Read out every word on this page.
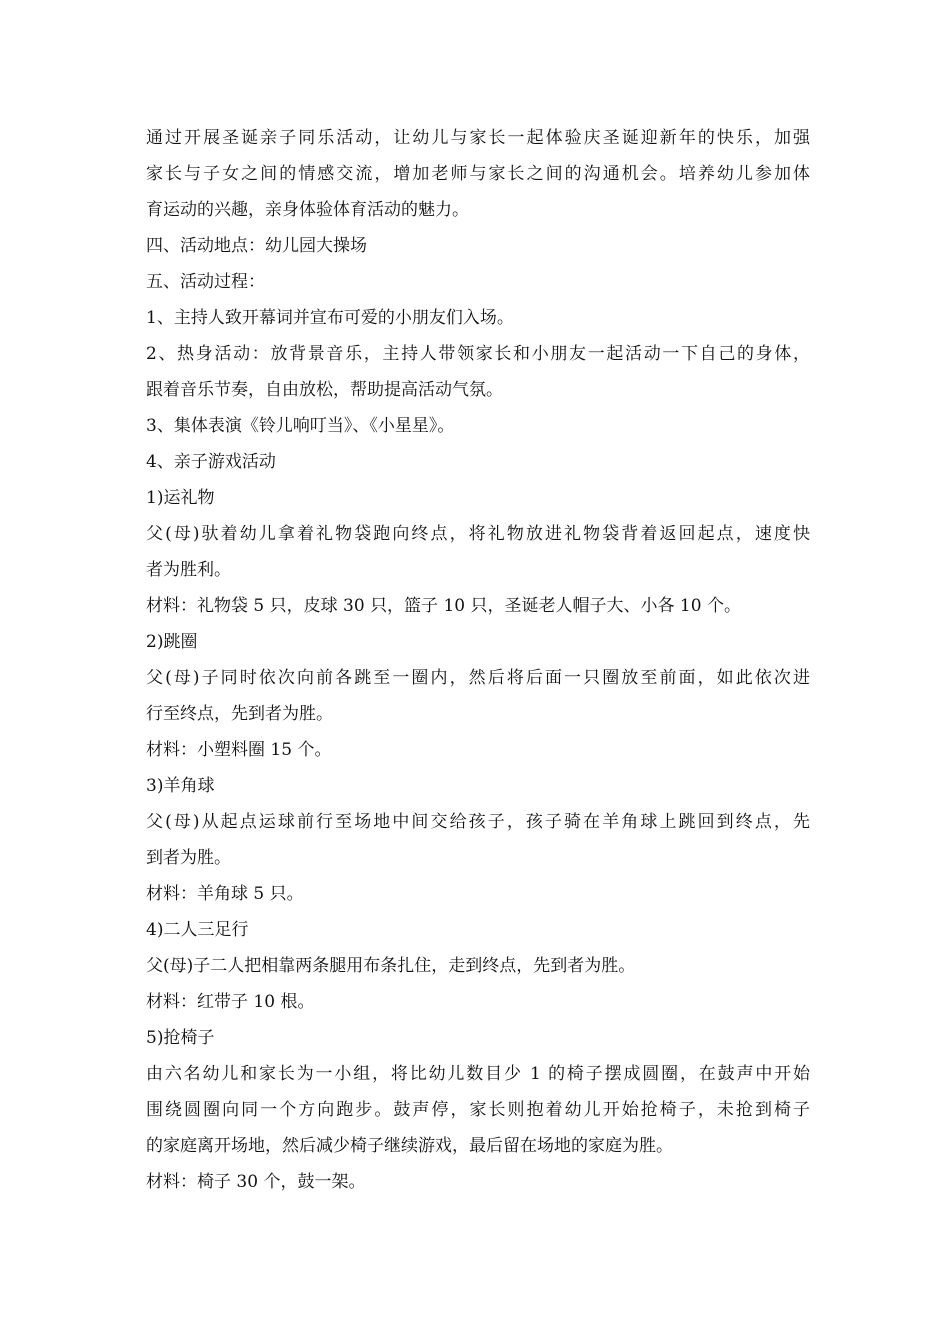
通过开展圣诞亲子同乐活动，让幼儿与家长一起体验庆圣诞迎新年的快乐，加强
家长与子女之间的情感交流，增加老师与家长之间的沟通机会。培养幼儿参加体
育运动的兴趣，亲身体验体育活动的魅力。
四、活动地点：幼儿园大操场
五、活动过程：
1、主持人致开幕词并宣布可爱的小朋友们入场。
2、热身活动：放背景音乐，主持人带领家长和小朋友一起活动一下自己的身体，
跟着音乐节奏，自由放松，帮助提高活动气氛。
3、集体表演《铃儿响叮当》、《小星星》。
4、亲子游戏活动
1)运礼物
父(母)驮着幼儿拿着礼物袋跑向终点，将礼物放进礼物袋背着返回起点，速度快
者为胜利。
材料：礼物袋 5 只，皮球 30 只，篮子 10 只，圣诞老人帽子大、小各 10 个。
2)跳圈
父(母)子同时依次向前各跳至一圈内，然后将后面一只圈放至前面，如此依次进
行至终点，先到者为胜。
材料：小塑料圈 15 个。
3)羊角球
父(母)从起点运球前行至场地中间交给孩子，孩子骑在羊角球上跳回到终点，先
到者为胜。
材料：羊角球 5 只。
4)二人三足行
父(母)子二人把相靠两条腿用布条扎住，走到终点，先到者为胜。
材料：红带子 10 根。
5)抢椅子
由六名幼儿和家长为一小组，将比幼儿数目少 1 的椅子摆成圆圈，在鼓声中开始
围绕圆圈向同一个方向跑步。鼓声停，家长则抱着幼儿开始抢椅子，未抢到椅子
的家庭离开场地，然后减少椅子继续游戏，最后留在场地的家庭为胜。
材料：椅子 30 个，鼓一架。
